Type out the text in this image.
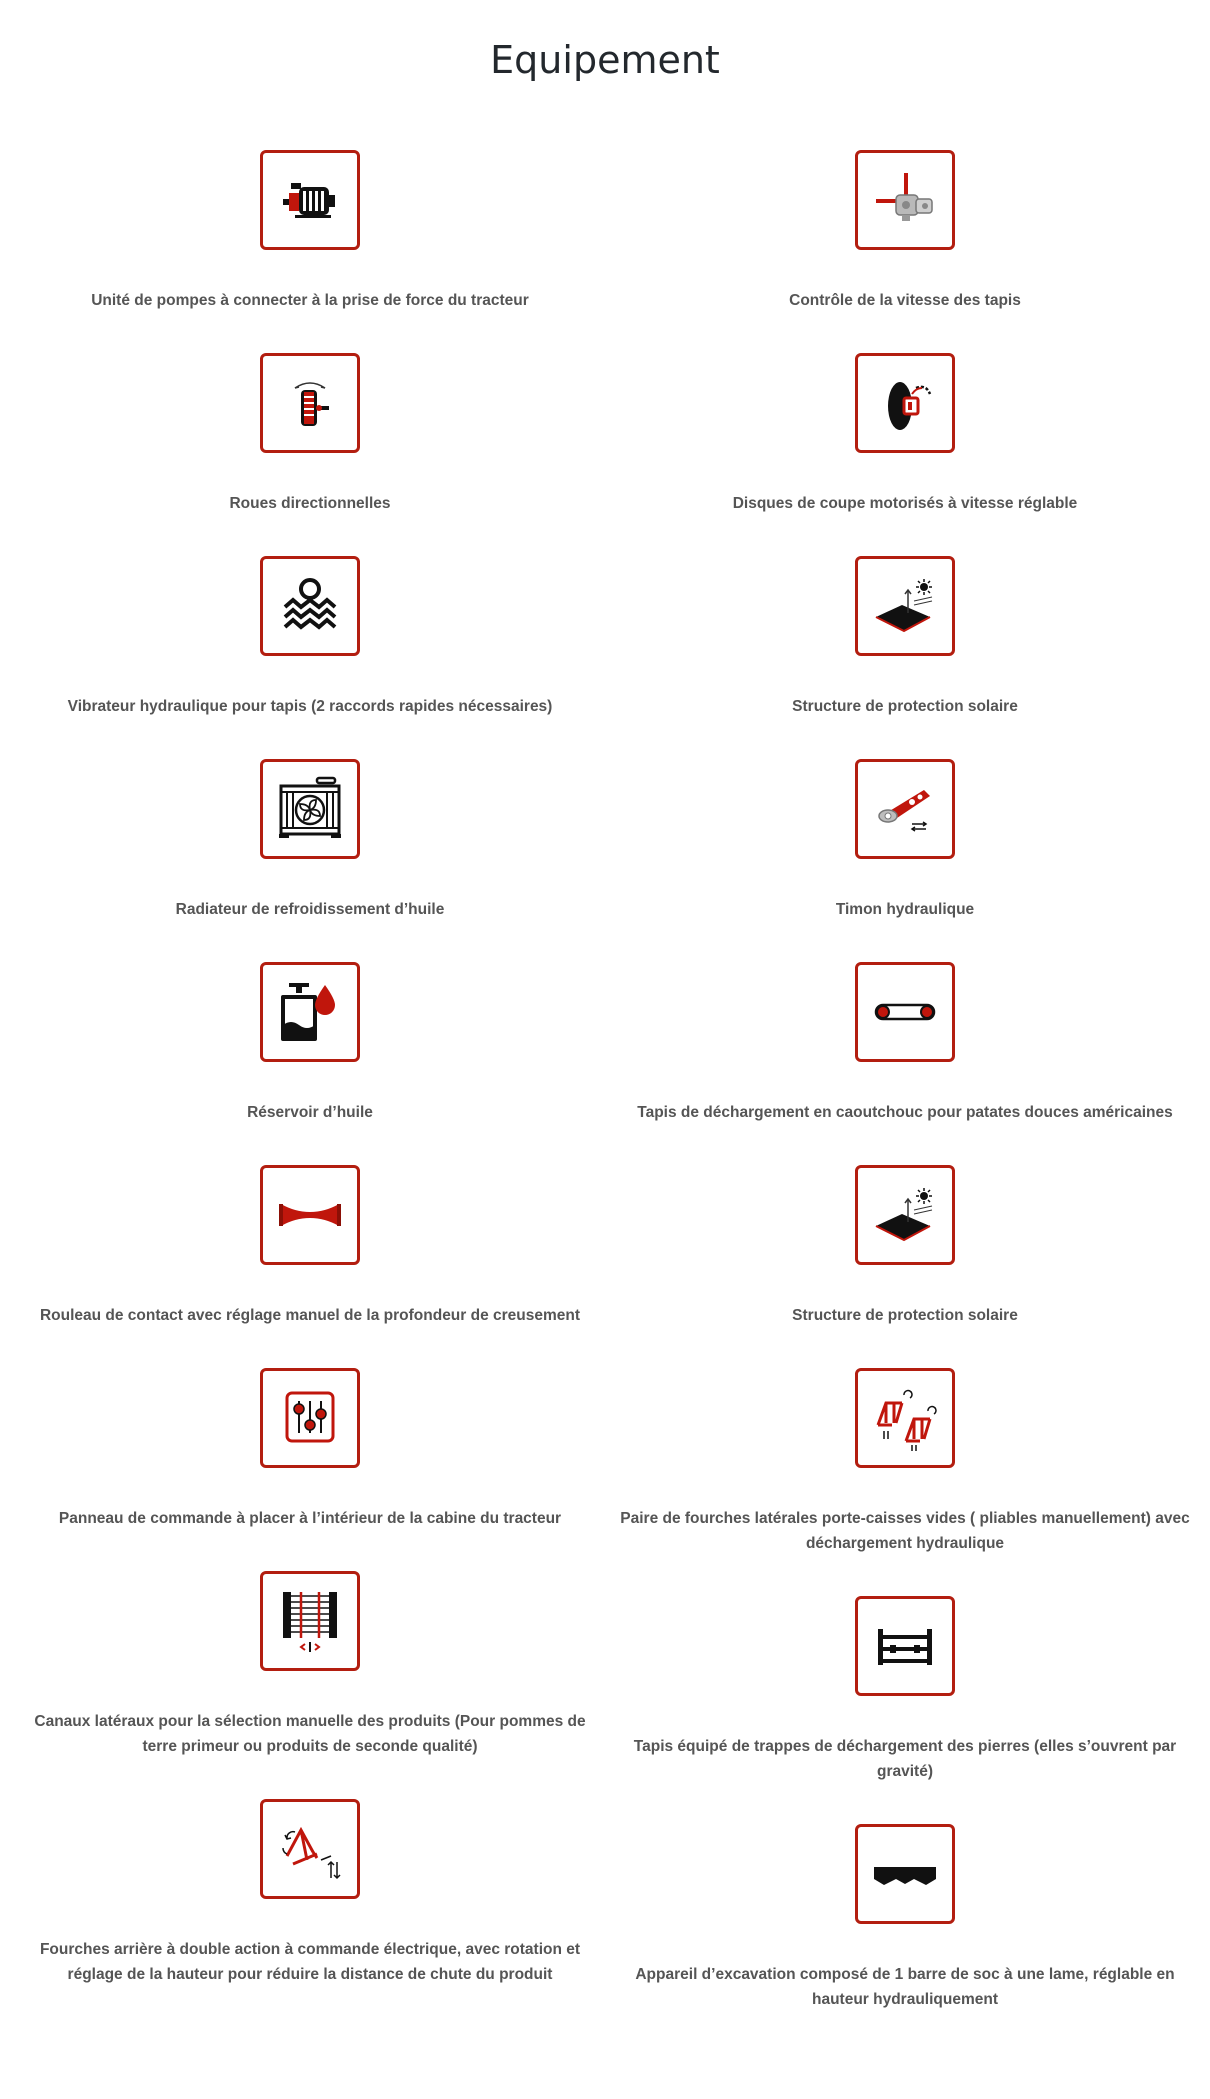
Equipement
Unité de pompes à connecter à la prise de force du tracteur	Contrôle de la vitesse des tapis
Roues directionnelles	Disques de coupe motorisés à vitesse réglable
Vibrateur hydraulique pour tapis (2 raccords rapides nécessaires)	Structure de protection solaire
Radiateur de refroidissement d’huile	Timon hydraulique
Réservoir d’huile	Tapis de déchargement en caoutchouc pour patates douces américaines
Rouleau de contact avec réglage manuel de la profondeur de creusement	Structure de protection solaire
Panneau de commande à placer à l’intérieur de la cabine du tracteur	Paire de fourches latérales porte-caisses vides ( pliables manuellement) avec déchargement hydraulique
Canaux latéraux pour la sélection manuelle des produits (Pour pommes de terre primeur ou produits de seconde qualité)	Tapis équipé de trappes de déchargement des pierres (elles s’ouvrent par gravité)
Fourches arrière à double action à commande électrique, avec rotation et réglage de la hauteur pour réduire la distance de chute du produit	Appareil d’excavation composé de 1 barre de soc à une lame, réglable en hauteur hydrauliquement
